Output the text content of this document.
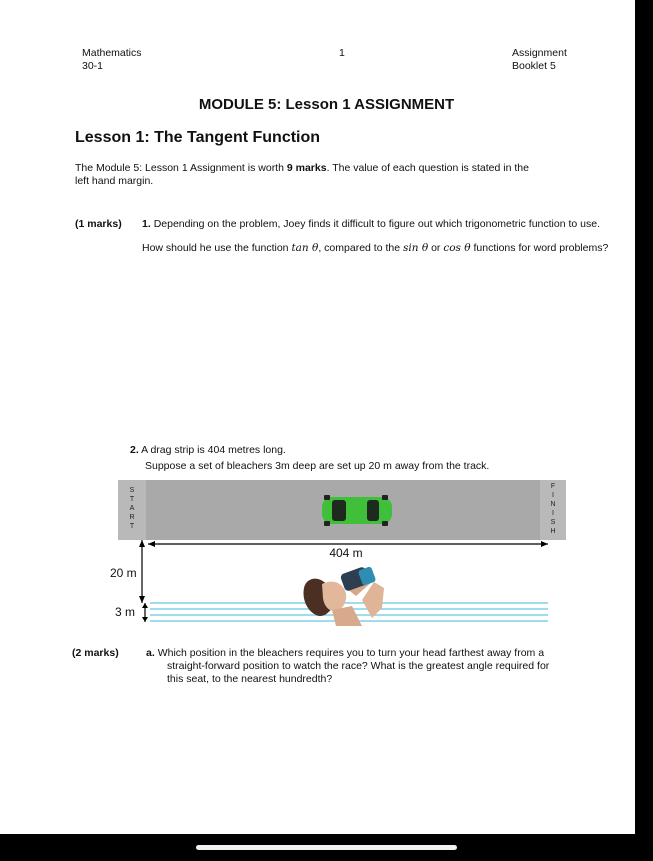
Mathematics
30-1
1	Assignment
Booklet 5
MODULE 5: Lesson 1 ASSIGNMENT
Lesson 1: The Tangent Function
The Module 5: Lesson 1 Assignment is worth 9 marks. The value of each question is stated in the
left hand margin.
(1 marks) 1. Depending on the problem, Joey finds it difficult to figure out which trigonometric function to use.
How should he use the function tan θ, compared to the sin θ or cos θ functions for word problems?
2. A drag strip is 404 metres long.
Suppose a set of bleachers 3m deep are set up 20 m away from the track.
S
T
A
R
T
F
I
N
I
S
H
404 m
20 m
3 m
(2 marks)	a. Which position in the bleachers requires you to turn your head farthest away from a
straight-forward position to watch the race? What is the greatest angle required for
this seat, to the nearest hundredth?
